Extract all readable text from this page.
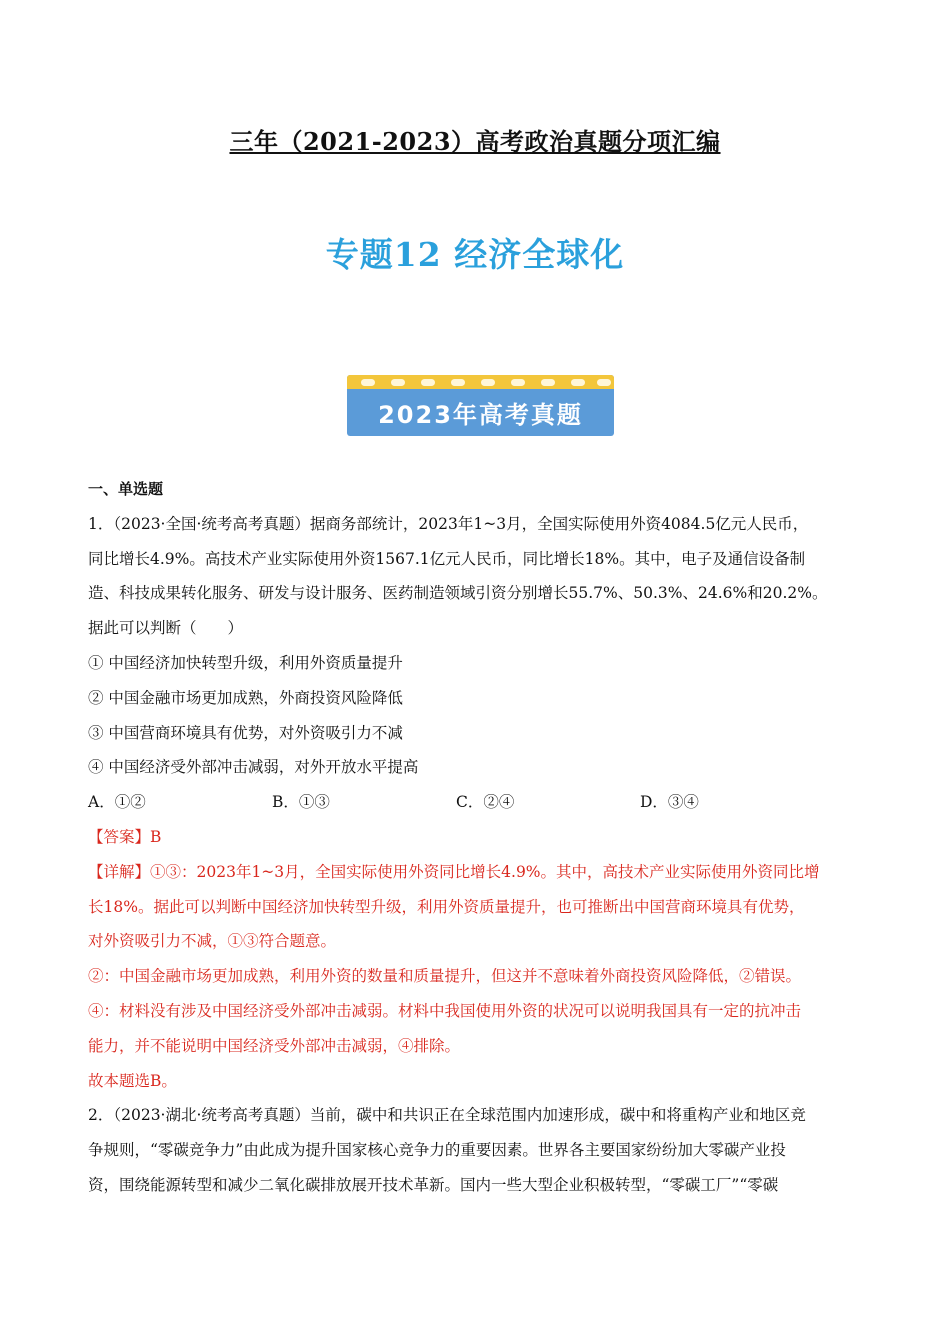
三年（2021-2023）高考政治真题分项汇编
专题12 经济全球化
2023年高考真题

一、单选题

1．（2023·全国·统考高考真题）据商务部统计，2023年1~3月，全国实际使用外资4084.5亿元人民币，

同比增长4.9%。高技术产业实际使用外资1567.1亿元人民币，同比增长18%。其中，电子及通信设备制

造、科技成果转化服务、研发与设计服务、医药制造领域引资分别增长55.7%、50.3%、24.6%和20.2%。

据此可以判断（　　）

① 中国经济加快转型升级，利用外资质量提升

② 中国金融市场更加成熟，外商投资风险降低

③ 中国营商环境具有优势，对外资吸引力不减

④ 中国经济受外部冲击减弱，对外开放水平提高

A．①②	B．①③	C．②④	D．③④

【答案】B

【详解】①③：2023年1~3月，全国实际使用外资同比增长4.9%。其中，高技术产业实际使用外资同比增

长18%。据此可以判断中国经济加快转型升级，利用外资质量提升，也可推断出中国营商环境具有优势，

对外资吸引力不减，①③符合题意。

②：中国金融市场更加成熟，利用外资的数量和质量提升，但这并不意味着外商投资风险降低，②错误。

④：材料没有涉及中国经济受外部冲击减弱。材料中我国使用外资的状况可以说明我国具有一定的抗冲击

能力，并不能说明中国经济受外部冲击减弱，④排除。

故本题选B。

2．（2023·湖北·统考高考真题）当前，碳中和共识正在全球范围内加速形成，碳中和将重构产业和地区竞

争规则，“零碳竞争力”由此成为提升国家核心竞争力的重要因素。世界各主要国家纷纷加大零碳产业投

资，围绕能源转型和减少二氧化碳排放展开技术革新。国内一些大型企业积极转型，“零碳工厂”“零碳
